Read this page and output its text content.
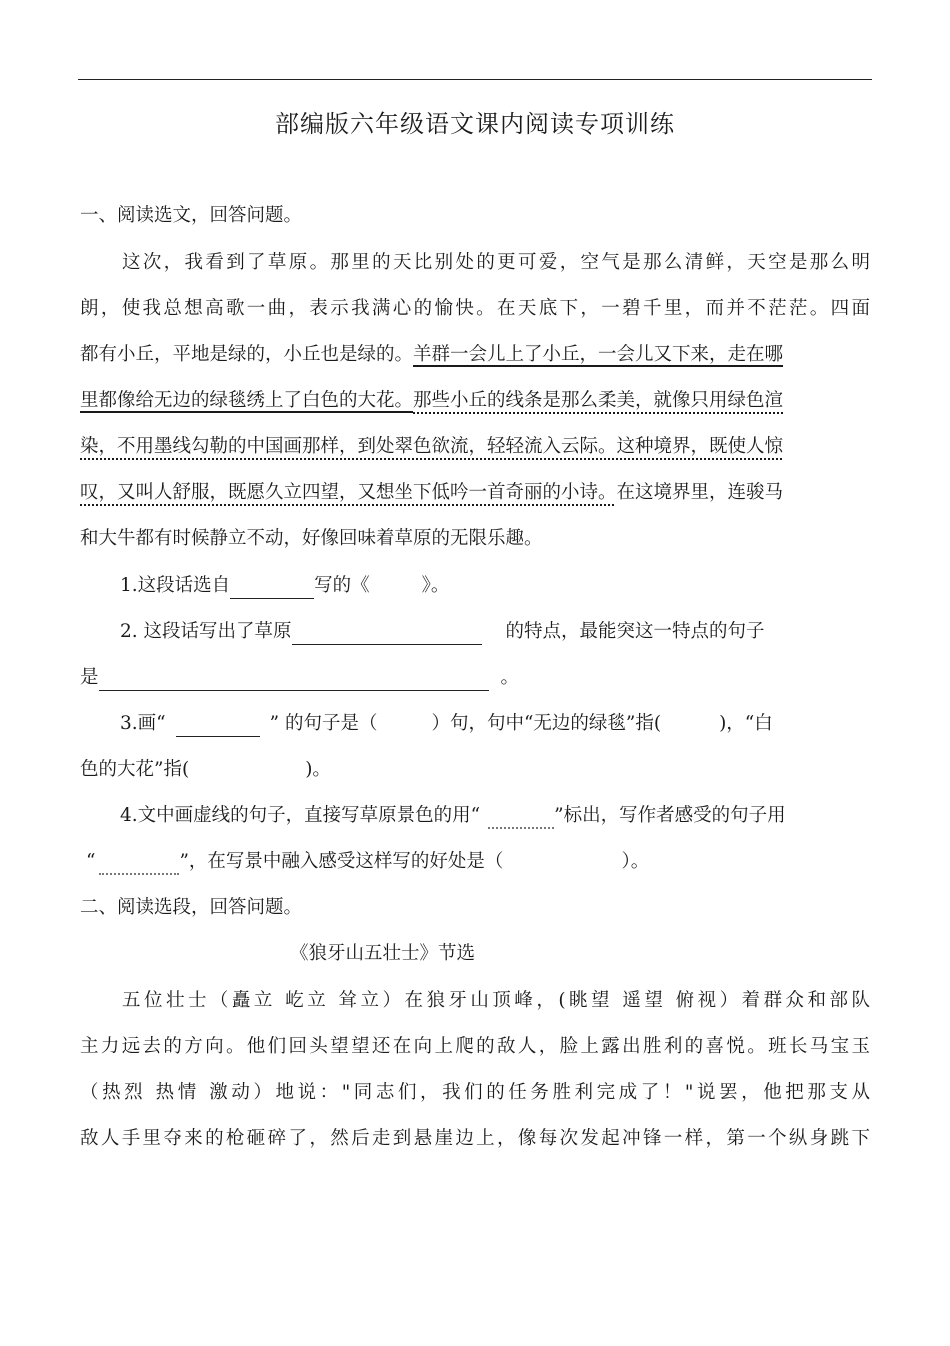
部编版六年级语文课内阅读专项训练
一、阅读选文，回答问题。
这次，我看到了草原。那里的天比别处的更可爱，空气是那么清鲜，天空是那么明
朗，使我总想高歌一曲，表示我满心的愉快。在天底下，一碧千里，而并不茫茫。四面
都有小丘，平地是绿的，小丘也是绿的。羊群一会儿上了小丘，一会儿又下来，走在哪
里都像给无边的绿毯绣上了白色的大花。那些小丘的线条是那么柔美，就像只用绿色渲
染，不用墨线勾勒的中国画那样，到处翠色欲流，轻轻流入云际。这种境界，既使人惊
叹，又叫人舒服，既愿久立四望，又想坐下低吟一首奇丽的小诗。在这境界里，连骏马
和大牛都有时候静立不动，好像回味着草原的无限乐趣。
1.这段话选自	写的《	》。
2. 这段话写出了草原	的特点，最能突这一特点的句子
是	。
3.画“	” 的句子是（	）句，句中“无边的绿毯”指(	)，“白
色的大花”指(	)。
4.文中画虚线的句子，直接写草原景色的用“	”标出，写作者感受的句子用
“	”，在写景中融入感受这样写的好处是（	）。
二、阅读选段，回答问题。
《狼牙山五壮士》节选
五位壮士（矗立 屹立 耸立）在狼牙山顶峰，(眺望 遥望 俯视）着群众和部队
主力远去的方向。他们回头望望还在向上爬的敌人，脸上露出胜利的喜悦。班长马宝玉
（热烈 热情 激动）地说："同志们，我们的任务胜利完成了！"说罢，他把那支从
敌人手里夺来的枪砸碎了，然后走到悬崖边上，像每次发起冲锋一样，第一个纵身跳下
